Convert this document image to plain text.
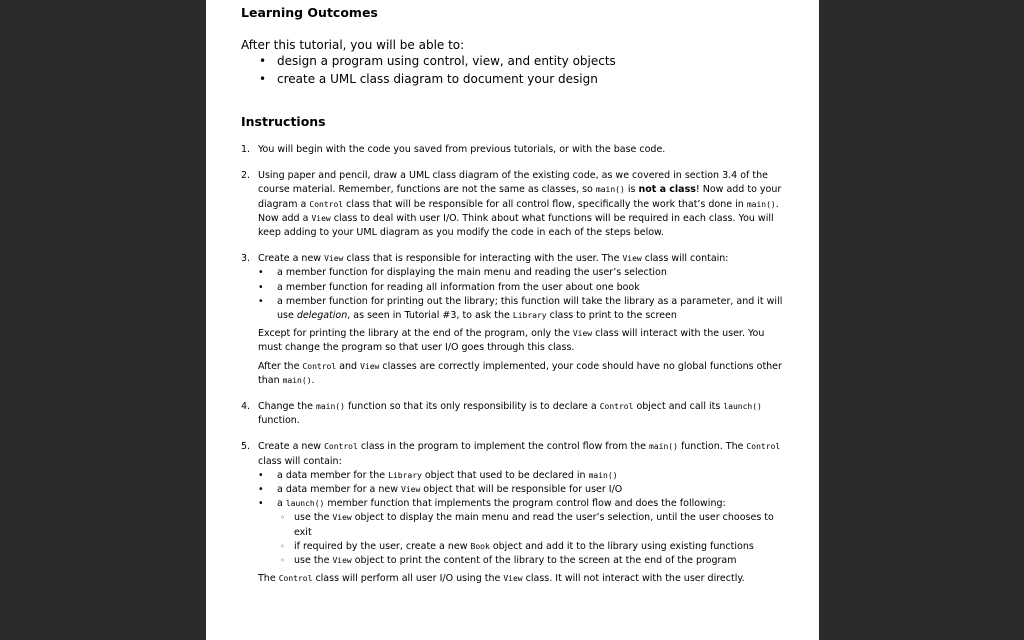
Learning Outcomes
After this tutorial, you will be able to:
• design a program using control, view, and entity objects
• create a UML class diagram to document your design
Instructions
1. You will begin with the code you saved from previous tutorials, or with the base code.
2. Using paper and pencil, draw a UML class diagram of the existing code, as we covered in section 3.4 of the course material. Remember, functions are not the same as classes, so main() is not a class! Now add to your diagram a Control class that will be responsible for all control flow, specifically the work that’s done in main(). Now add a View class to deal with user I/O. Think about what functions will be required in each class. You will keep adding to your UML diagram as you modify the code in each of the steps below.
3. Create a new View class that is responsible for interacting with the user. The View class will contain:
• a member function for displaying the main menu and reading the user’s selection
• a member function for reading all information from the user about one book
• a member function for printing out the library; this function will take the library as a parameter, and it will use delegation, as seen in Tutorial #3, to ask the Library class to print to the screen
Except for printing the library at the end of the program, only the View class will interact with the user. You must change the program so that user I/O goes through this class.
After the Control and View classes are correctly implemented, your code should have no global functions other than main().
4. Change the main() function so that its only responsibility is to declare a Control object and call its launch() function.
5. Create a new Control class in the program to implement the control flow from the main() function. The Control class will contain:
• a data member for the Library object that used to be declared in main()
• a data member for a new View object that will be responsible for user I/O
• a launch() member function that implements the program control flow and does the following:
◦ use the View object to display the main menu and read the user’s selection, until the user chooses to exit
◦ if required by the user, create a new Book object and add it to the library using existing functions
◦ use the View object to print the content of the library to the screen at the end of the program
The Control class will perform all user I/O using the View class. It will not interact with the user directly.
